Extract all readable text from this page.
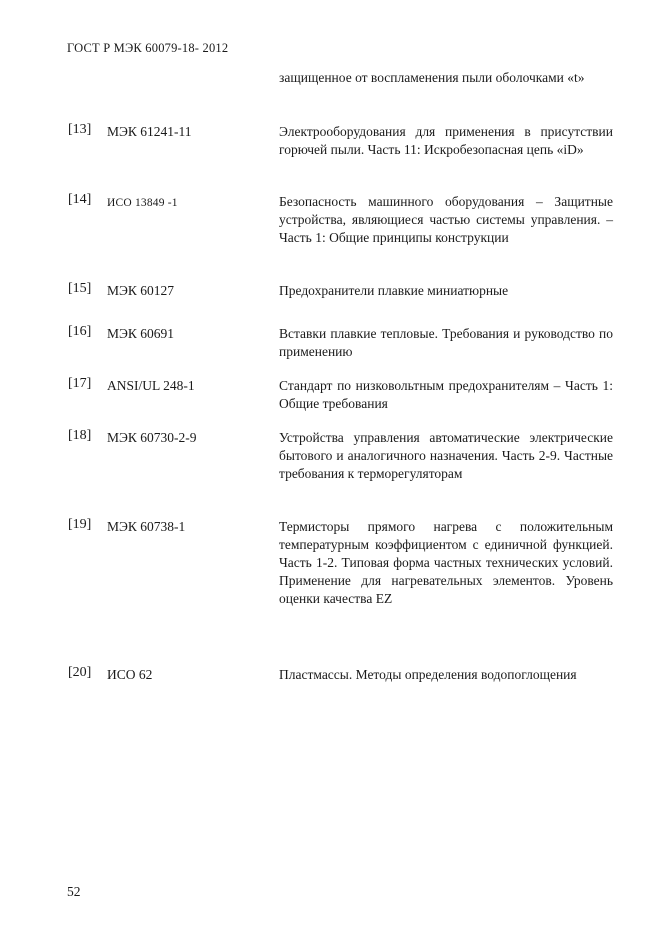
ГОСТ Р МЭК 60079-18- 2012
защищенное от воспламенения пыли оболочками «t»
[13] МЭК 61241-11	Электрооборудования для применения в присутствии горючей пыли. Часть 11: Искробезопасная цепь «iD»
[14] ИСО 13849 -1	Безопасность машинного оборудования – Защитные устройства, являющиеся частью системы управления. – Часть 1: Общие принципы конструкции
[15] МЭК 60127	Предохранители плавкие миниатюрные
[16] МЭК 60691	Вставки плавкие тепловые. Требования и руководство по применению
[17] ANSI/UL 248-1	Стандарт по низковольтным предохранителям – Часть 1: Общие требования
[18] МЭК 60730-2-9	Устройства управления автоматические электрические бытового и аналогичного назначения. Часть 2-9. Частные требования к терморегуляторам
[19] МЭК 60738-1	Термисторы прямого нагрева с положительным температурным коэффициентом с единичной функцией. Часть 1-2. Типовая форма частных технических условий. Применение для нагревательных элементов. Уровень оценки качества EZ
[20] ИСО 62	Пластмассы. Методы определения водопоглощения
52
